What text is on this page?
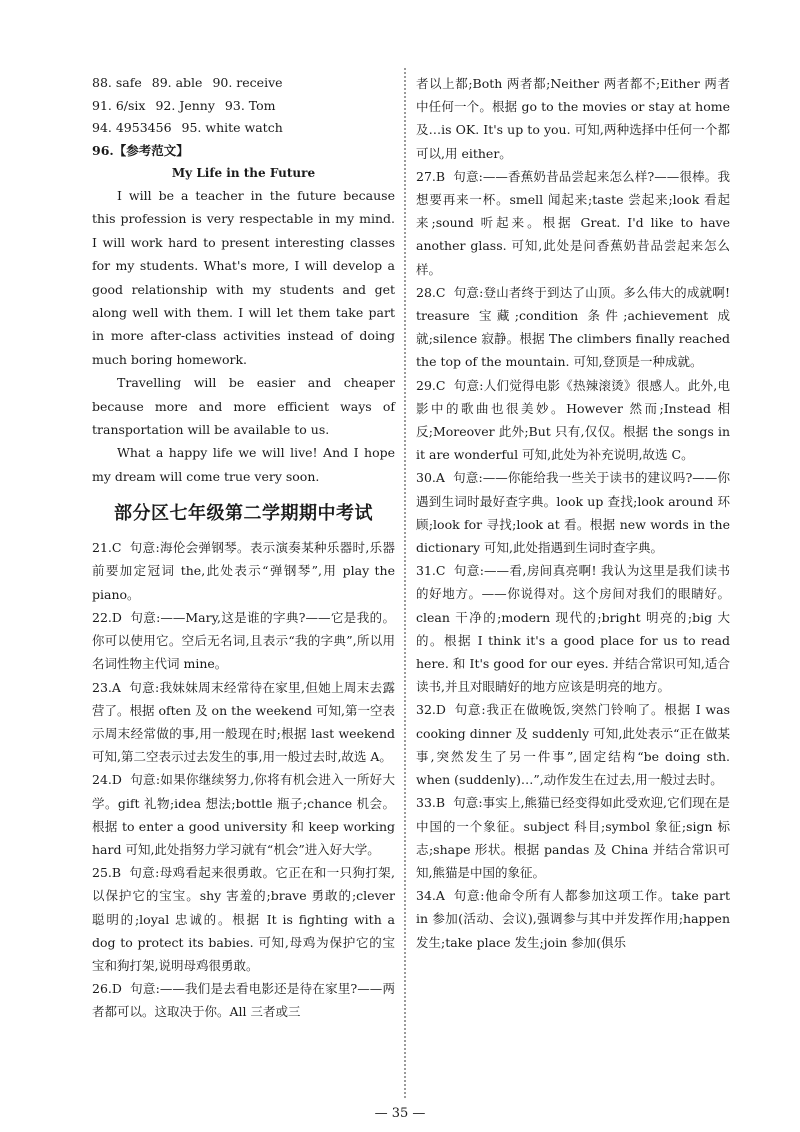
88. safe 89. able 90. receive

91. 6/six 92. Jenny 93. Tom

94. 4953456 95. white watch

96.【参考范文】

My Life in the Future

I will be a teacher in the future because this profession is very respectable in my mind. I will work hard to present interesting classes for my students. What's more, I will develop a good relationship with my students and get along well with them. I will let them take part in more after-class activities instead of doing much boring homework.

Travelling will be easier and cheaper because more and more efficient ways of transportation will be available to us.

What a happy life we will live! And I hope my dream will come true very soon.

部分区七年级第二学期期中考试

21.C 句意:海伦会弹钢琴。表示演奏某种乐器时,乐器前要加定冠词 the,此处表示“弹钢琴”,用 play the piano。

22.D 句意:——Mary,这是谁的字典?——它是我的。你可以使用它。空后无名词,且表示“我的字典”,所以用名词性物主代词 mine。

23.A 句意:我妹妹周末经常待在家里,但她上周末去露营了。根据 often 及 on the weekend 可知,第一空表示周末经常做的事,用一般现在时;根据 last weekend 可知,第二空表示过去发生的事,用一般过去时,故选 A。

24.D 句意:如果你继续努力,你将有机会进入一所好大学。gift 礼物;idea 想法;bottle 瓶子;chance 机会。根据 to enter a good university 和 keep working hard 可知,此处指努力学习就有“机会”进入好大学。

25.B 句意:母鸡看起来很勇敢。它正在和一只狗打架,以保护它的宝宝。shy 害羞的;brave 勇敢的;clever 聪明的;loyal 忠诚的。根据 It is fighting with a dog to protect its babies. 可知,母鸡为保护它的宝宝和狗打架,说明母鸡很勇敢。

26.D 句意:——我们是去看电影还是待在家里?——两者都可以。这取决于你。All 三者或三

者以上都;Both 两者都;Neither 两者都不;Either 两者中任何一个。根据 go to the movies or stay at home 及…is OK. It's up to you. 可知,两种选择中任何一个都可以,用 either。

27.B 句意:——香蕉奶昔品尝起来怎么样?——很棒。我想要再来一杯。smell 闻起来;taste 尝起来;look 看起来;sound 听起来。根据 Great. I'd like to have another glass. 可知,此处是问香蕉奶昔品尝起来怎么样。

28.C 句意:登山者终于到达了山顶。多么伟大的成就啊! treasure 宝藏;condition 条件;achievement 成就;silence 寂静。根据 The climbers finally reached the top of the mountain. 可知,登顶是一种成就。

29.C 句意:人们觉得电影《热辣滚烫》很感人。此外,电影中的歌曲也很美妙。However 然而;Instead 相反;Moreover 此外;But 只有,仅仅。根据 the songs in it are wonderful 可知,此处为补充说明,故选 C。

30.A 句意:——你能给我一些关于读书的建议吗?——你遇到生词时最好查字典。look up 查找;look around 环顾;look for 寻找;look at 看。根据 new words in the dictionary 可知,此处指遇到生词时查字典。

31.C 句意:——看,房间真亮啊! 我认为这里是我们读书的好地方。——你说得对。这个房间对我们的眼睛好。clean 干净的;modern 现代的;bright 明亮的;big 大的。根据 I think it's a good place for us to read here. 和 It's good for our eyes. 并结合常识可知,适合读书,并且对眼睛好的地方应该是明亮的地方。

32.D 句意:我正在做晚饭,突然门铃响了。根据 I was cooking dinner 及 suddenly 可知,此处表示“正在做某事,突然发生了另一件事”,固定结构“be doing sth. when (suddenly)…”,动作发生在过去,用一般过去时。

33.B 句意:事实上,熊猫已经变得如此受欢迎,它们现在是中国的一个象征。subject 科目;symbol 象征;sign 标志;shape 形状。根据 pandas 及 China 并结合常识可知,熊猫是中国的象征。

34.A 句意:他命令所有人都参加这项工作。take part in 参加(活动、会议),强调参与其中并发挥作用;happen 发生;take place 发生;join 参加(俱乐

— 35 —
